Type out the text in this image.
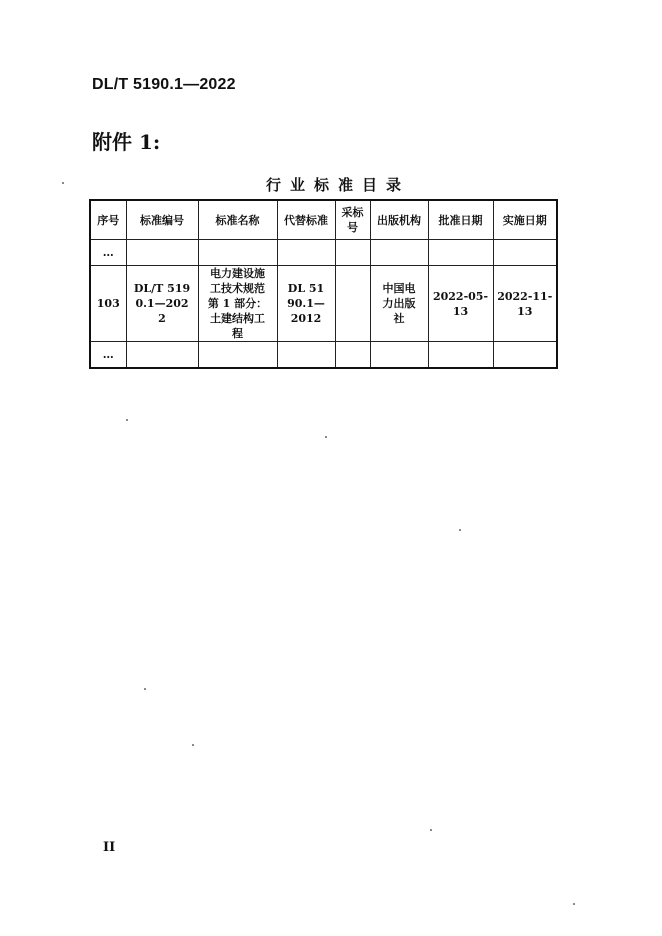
DL/T 5190.1—2022
附件 1:
行业标准目录
序号	标准编号	标准名称	代替标准	采标号	出版机构	批准日期	实施日期
…							
103	DL/T 5190.1—2022	电力建设施工技术规范 第 1 部分：土建结构工程	DL 5190.1—2012		中国电力出版社	2022-05-13	2022-11-13
…							
II
